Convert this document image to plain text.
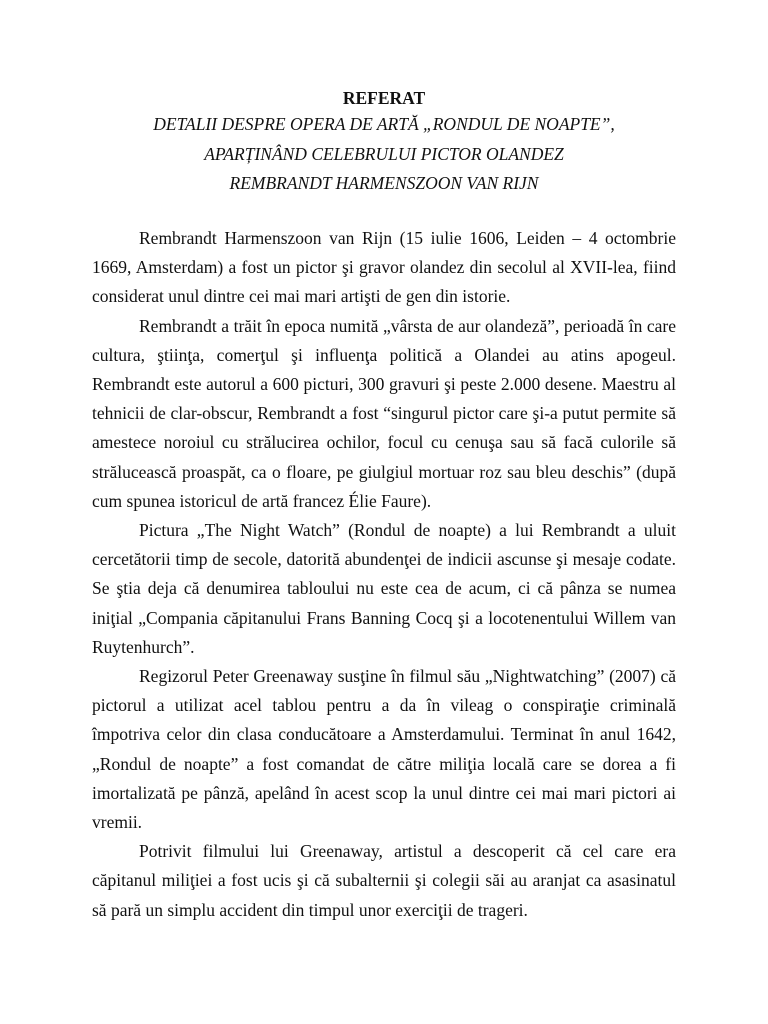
REFERAT
DETALII DESPRE OPERA DE ARTĂ „RONDUL DE NOAPTE”,
APARȚINÂND CELEBRULUI PICTOR OLANDEZ
REMBRANDT HARMENSZOON VAN RIJN

Rembrandt Harmenszoon van Rijn (15 iulie 1606, Leiden – 4 octombrie 1669, Amsterdam) a fost un pictor şi gravor olandez din secolul al XVII-lea, fiind considerat unul dintre cei mai mari artişti de gen din istorie.

Rembrandt a trăit în epoca numită „vârsta de aur olandeză”, perioadă în care cultura, ştiinţa, comerţul şi influenţa politică a Olandei au atins apogeul. Rembrandt este autorul a 600 picturi, 300 gravuri şi peste 2.000 desene. Maestru al tehnicii de clar-obscur, Rembrandt a fost “singurul pictor care şi-a putut permite să amestece noroiul cu strălucirea ochilor, focul cu cenuşa sau să facă culorile să strălucească proaspăt, ca o floare, pe giulgiul mortuar roz sau bleu deschis” (după cum spunea istoricul de artă francez Élie Faure).

Pictura „The Night Watch” (Rondul de noapte) a lui Rembrandt a uluit cercetătorii timp de secole, datorită abundenţei de indicii ascunse şi mesaje codate. Se ştia deja că denumirea tabloului nu este cea de acum, ci că pânza se numea iniţial „Compania căpitanului Frans Banning Cocq şi a locotenentului Willem van Ruytenhurch”.

Regizorul Peter Greenaway susţine în filmul său „Nightwatching” (2007) că pictorul a utilizat acel tablou pentru a da în vileag o conspiraţie criminală împotriva celor din clasa conducătoare a Amsterdamului. Terminat în anul 1642, „Rondul de noapte” a fost comandat de către miliţia locală care se dorea a fi imortalizată pe pânză, apelând în acest scop la unul dintre cei mai mari pictori ai vremii.

Potrivit filmului lui Greenaway, artistul a descoperit că cel care era căpitanul miliţiei a fost ucis şi că subalternii şi colegii săi au aranjat ca asasinatul să pară un simplu accident din timpul unor exerciţii de trageri.
